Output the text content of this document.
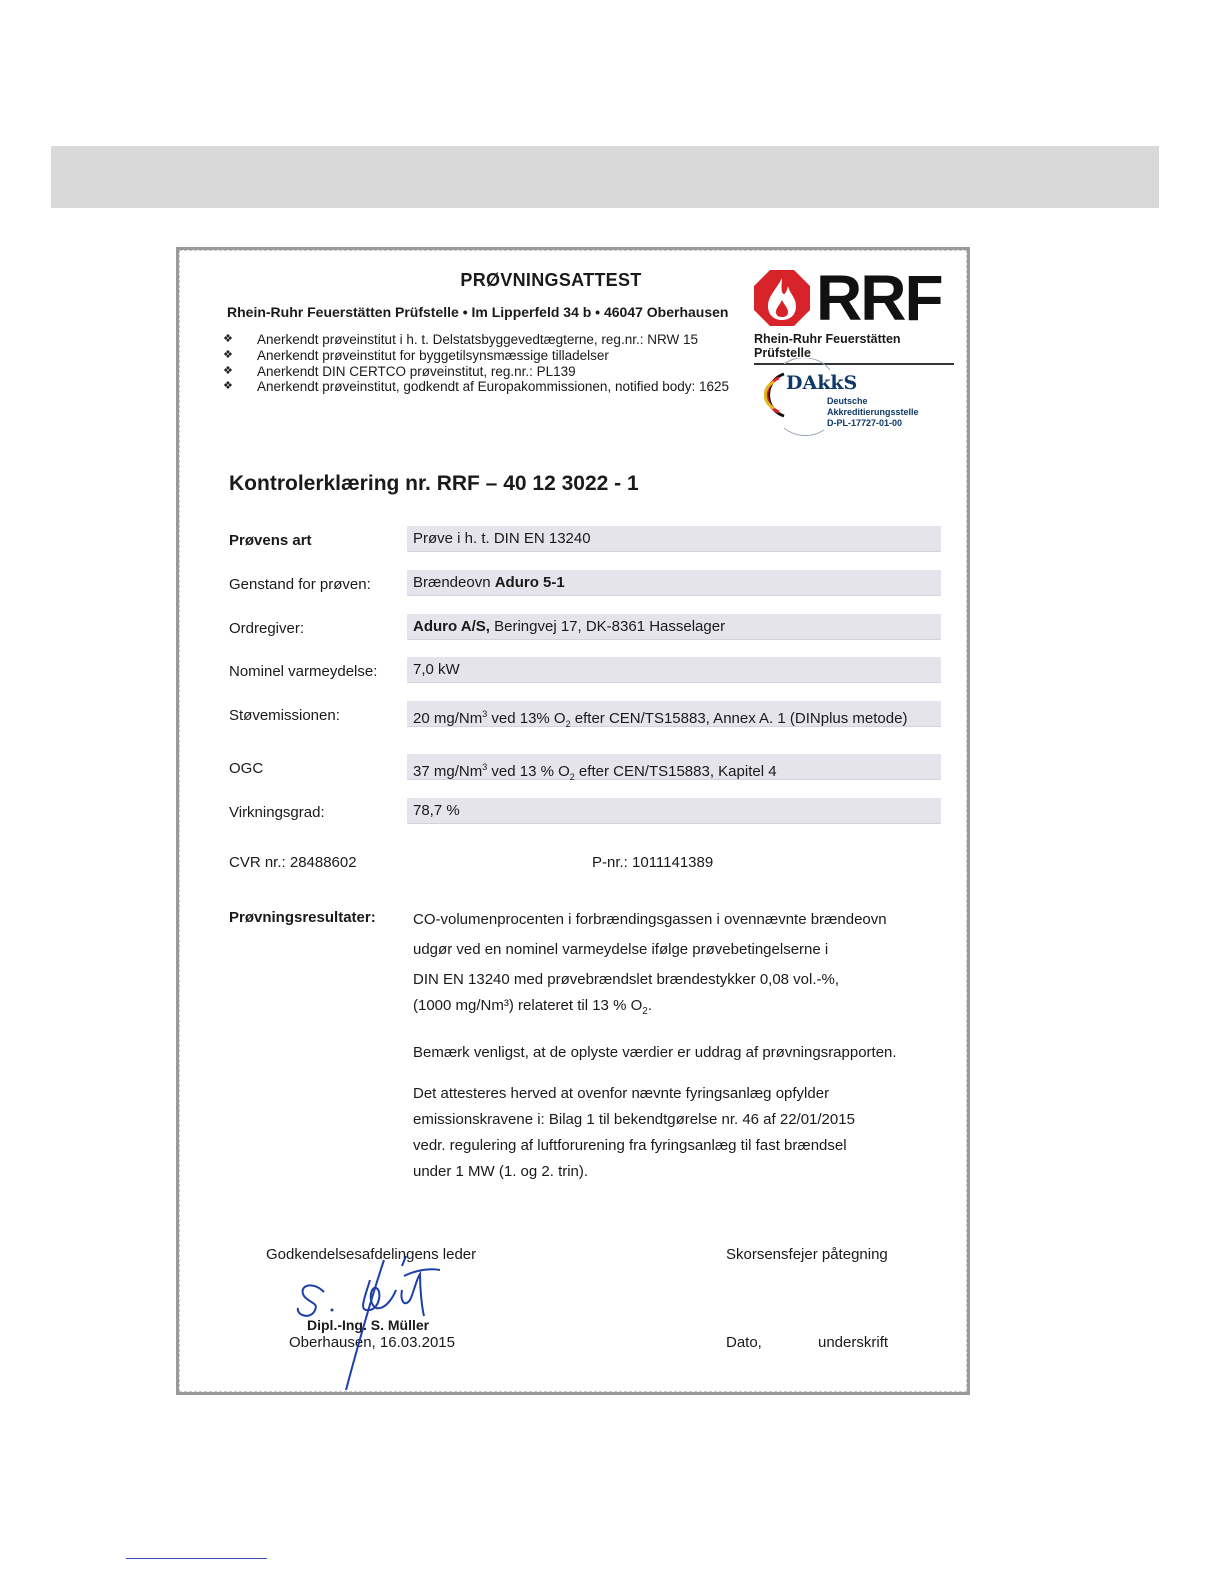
PRØVNINGSATTEST
Rhein-Ruhr Feuerstätten Prüfstelle • Im Lipperfeld 34 b • 46047 Oberhausen
❖	Anerkendt prøveinstitut i h. t. Delstatsbyggevedtægterne, reg.nr.: NRW 15
❖	Anerkendt prøveinstitut for byggetilsynsmæssige tilladelser
❖	Anerkendt DIN CERTCO prøveinstitut, reg.nr.: PL139
❖	Anerkendt prøveinstitut, godkendt af Europakommissionen, notified body: 1625
RRF
Rhein-Ruhr Feuerstätten Prüfstelle
DAkkS
Deutsche
Akkreditierungsstelle
D-PL-17727-01-00
Kontrolerklæring nr. RRF – 40 12 3022 - 1
Prøvens art	Prøve i h. t. DIN EN 13240
Genstand for prøven:	Brændeovn Aduro 5-1
Ordregiver:	Aduro A/S, Beringvej 17, DK-8361 Hasselager
Nominel varmeydelse:	7,0 kW
Støvemissionen:	20 mg/Nm$^3$ ved 13% $O_2$ efter CEN/TS15883, Annex A. 1 (DINplus metode)
OGC	37 mg/Nm$^3$ ved 13 % $O_2$ efter CEN/TS15883, Kapitel 4
Virkningsgrad:	78,7 %
CVR nr.: 28488602	P-nr.: 1011141389
Prøvningsresultater: CO-volumenprocenten i forbrændingsgassen i ovennævnte brændeovn

udgør ved en nominel varmeydelse ifølge prøvebetingelserne i

DIN EN 13240 med prøvebrændslet brændestykker 0,08 vol.-%,

(1000 mg/Nm³) relateret til 13 % $O_2$.

Bemærk venligst, at de oplyste værdier er uddrag af prøvningsrapporten.

Det attesteres herved at ovenfor nævnte fyringsanlæg opfylder

emissionskravene i: Bilag 1 til bekendtgørelse nr. 46 af 22/01/2015

vedr. regulering af luftforurening fra fyringsanlæg til fast brændsel

under 1 MW (1. og 2. trin).

Godkendelsesafdelingens leder
Dipl.-Ing. S. Müller
Oberhausen, 16.03.2015
Skorsensfejer påtegning
Dato,	underskrift
